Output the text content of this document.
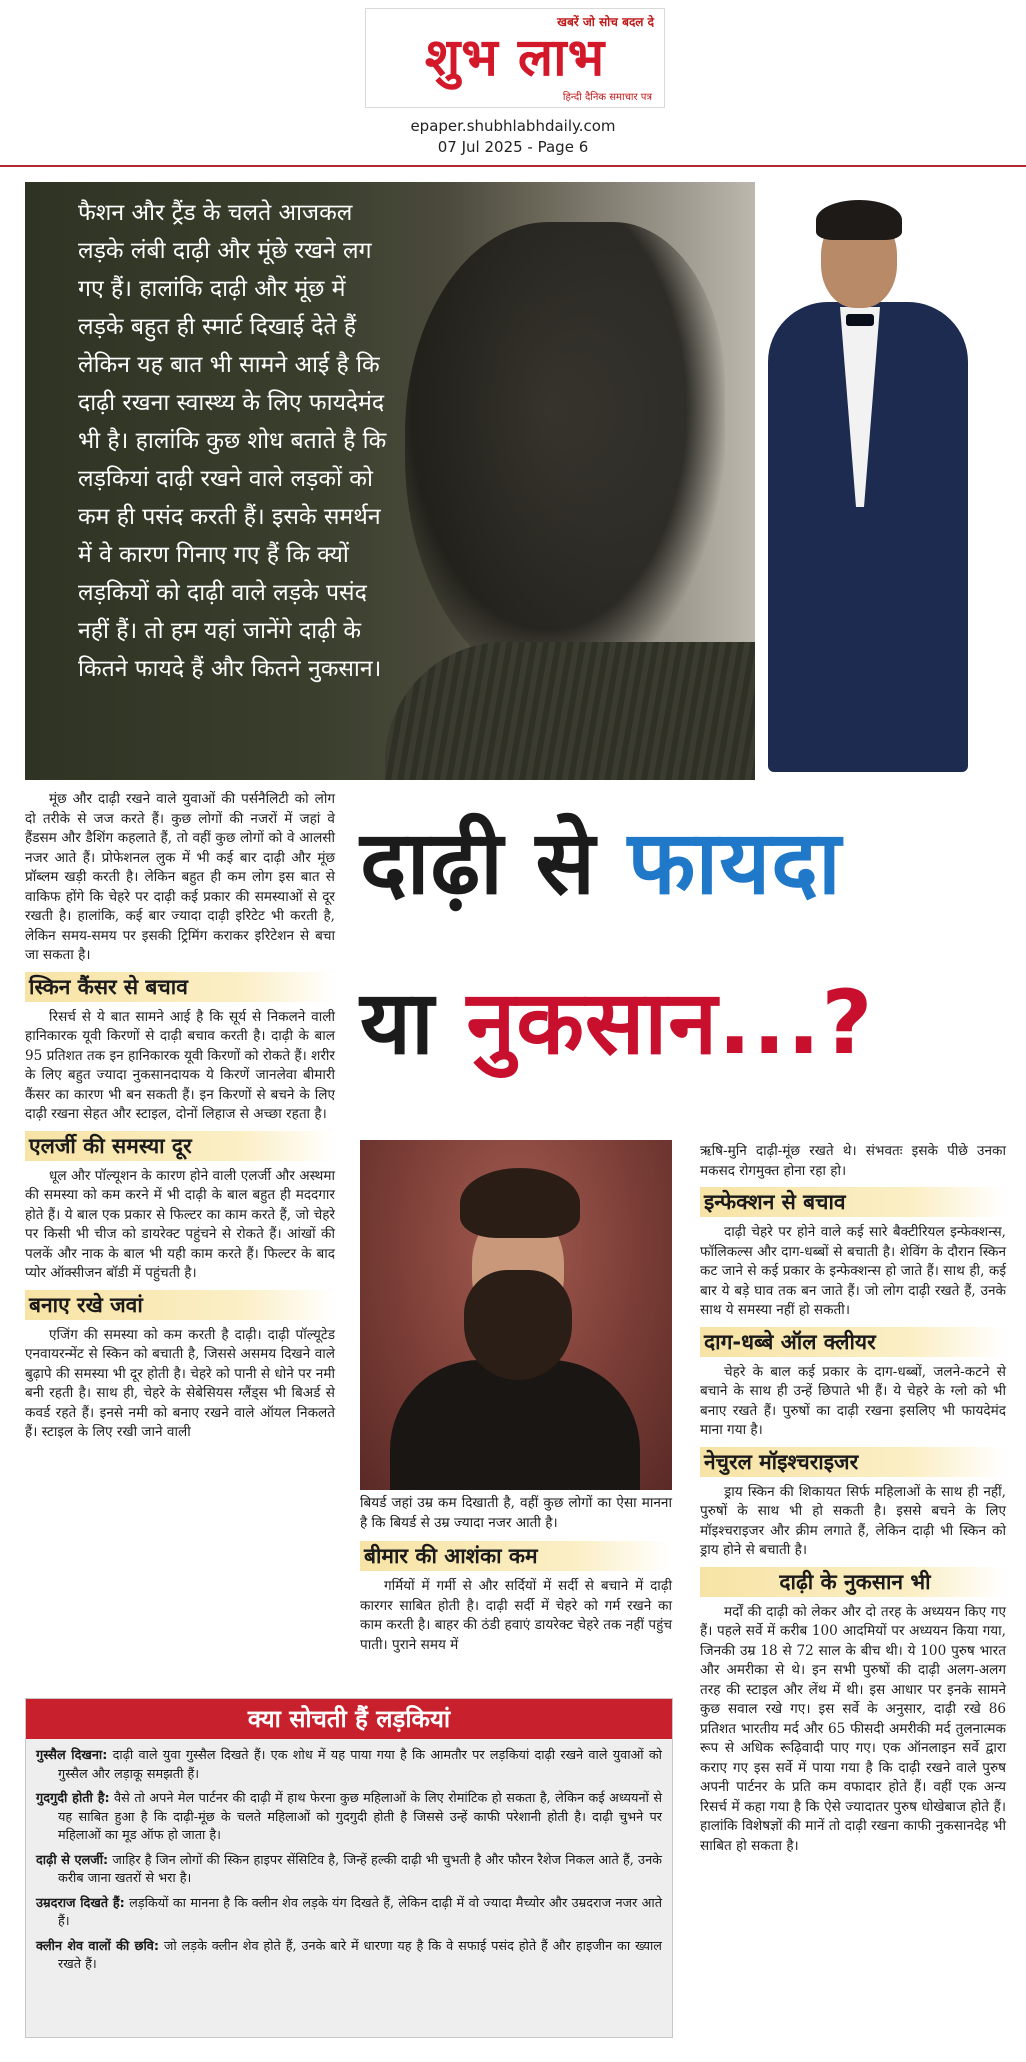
खबरें जो सोच बदल दे
शुभ लाभ
हिन्दी दैनिक समाचार पत्र
epaper.shubhlabhdaily.com
07 Jul 2025 - Page 6
फैशन और ट्रैंड के चलते आजकल लड़के लंबी दाढ़ी और मूंछे रखने लग गए हैं। हालांकि दाढ़ी और मूंछ में लड़के बहुत ही स्मार्ट दिखाई देते हैं लेकिन यह बात भी सामने आई है कि दाढ़ी रखना स्वास्थ्य के लिए फायदेमंद भी है। हालांकि कुछ शोध बताते है कि लड़कियां दाढ़ी रखने वाले लड़कों को कम ही पसंद करती हैं। इसके समर्थन में वे कारण गिनाए गए हैं कि क्यों लड़कियों को दाढ़ी वाले लड़के पसंद नहीं हैं। तो हम यहां जानेंगे दाढ़ी के कितने फायदे हैं और कितने नुकसान।
दाढ़ी से फायदा
या नुकसान...?

मूंछ और दाढ़ी रखने वाले युवाओं की पर्सनैलिटी को लोग दो तरीके से जज करते हैं। कुछ लोगों की नजरों में जहां वे हैंडसम और डैशिंग कहलाते हैं, तो वहीं कुछ लोगों को वे आलसी नजर आते हैं। प्रोफेशनल लुक में भी कई बार दाढ़ी और मूंछ प्रॉब्लम खड़ी करती है। लेकिन बहुत ही कम लोग इस बात से वाकिफ होंगे कि चेहरे पर दाढ़ी कई प्रकार की समस्याओं से दूर रखती है। हालांकि, कई बार ज्यादा दाढ़ी इरिटेट भी करती है, लेकिन समय-समय पर इसकी ट्रिमिंग कराकर इरिटेशन से बचा जा सकता है।

स्किन कैंसर से बचाव

रिसर्च से ये बात सामने आई है कि सूर्य से निकलने वाली हानिकारक यूवी किरणों से दाढ़ी बचाव करती है। दाढ़ी के बाल 95 प्रतिशत तक इन हानिकारक यूवी किरणों को रोकते हैं। शरीर के लिए बहुत ज्यादा नुकसानदायक ये किरणें जानलेवा बीमारी कैंसर का कारण भी बन सकती हैं। इन किरणों से बचने के लिए दाढ़ी रखना सेहत और स्टाइल, दोनों लिहाज से अच्छा रहता है।

एलर्जी की समस्या दूर

धूल और पॉल्यूशन के कारण होने वाली एलर्जी और अस्थमा की समस्या को कम करने में भी दाढ़ी के बाल बहुत ही मददगार होते हैं। ये बाल एक प्रकार से फिल्टर का काम करते हैं, जो चेहरे पर किसी भी चीज को डायरेक्ट पहुंचने से रोकते हैं। आंखों की पलकें और नाक के बाल भी यही काम करते हैं। फिल्टर के बाद प्योर ऑक्सीजन बॉडी में पहुंचती है।

बनाए रखे जवां

एजिंग की समस्या को कम करती है दाढ़ी। दाढ़ी पॉल्यूटेड एनवायरन्मेंट से स्किन को बचाती है, जिससे असमय दिखने वाले बुढ़ापे की समस्या भी दूर होती है। चेहरे को पानी से धोने पर नमी बनी रहती है। साथ ही, चेहरे के सेबेसियस ग्लैंड्स भी बिअर्ड से कवर्ड रहते हैं। इनसे नमी को बनाए रखने वाले ऑयल निकलते हैं। स्टाइल के लिए रखी जाने वाली

बियर्ड जहां उम्र कम दिखाती है, वहीं कुछ लोगों का ऐसा मानना है कि बियर्ड से उम्र ज्यादा नजर आती है।
बीमार की आशंका कम

गर्मियों में गर्मी से और सर्दियों में सर्दी से बचाने में दाढ़ी कारगर साबित होती है। दाढ़ी सर्दी में चेहरे को गर्म रखने का काम करती है। बाहर की ठंडी हवाएं डायरेक्ट चेहरे तक नहीं पहुंच पाती। पुराने समय में

ऋषि-मुनि दाढ़ी-मूंछ रखते थे। संभवतः इसके पीछे उनका मकसद रोगमुक्त होना रहा हो।

इन्फेक्शन से बचाव

दाढ़ी चेहरे पर होने वाले कई सारे बैक्टीरियल इन्फेक्शन्स, फॉलिकल्स और दाग-धब्बों से बचाती है। शेविंग के दौरान स्किन कट जाने से कई प्रकार के इन्फेक्शन्स हो जाते हैं। साथ ही, कई बार ये बड़े घाव तक बन जाते हैं। जो लोग दाढ़ी रखते हैं, उनके साथ ये समस्या नहीं हो सकती।

दाग-धब्बे ऑल क्लीयर

चेहरे के बाल कई प्रकार के दाग-धब्बों, जलने-कटने से बचाने के साथ ही उन्हें छिपाते भी हैं। ये चेहरे के ग्लो को भी बनाए रखते हैं। पुरुषों का दाढ़ी रखना इसलिए भी फायदेमंद माना गया है।

नेचुरल मॉइश्चराइजर

ड्राय स्किन की शिकायत सिर्फ महिलाओं के साथ ही नहीं, पुरुषों के साथ भी हो सकती है। इससे बचने के लिए मॉइश्चराइजर और क्रीम लगाते हैं, लेकिन दाढ़ी भी स्किन को ड्राय होने से बचाती है।

दाढ़ी के नुकसान भी

मर्दों की दाढ़ी को लेकर और दो तरह के अध्ययन किए गए हैं। पहले सर्वे में करीब 100 आदमियों पर अध्ययन किया गया, जिनकी उम्र 18 से 72 साल के बीच थी। ये 100 पुरुष भारत और अमरीका से थे। इन सभी पुरुषों की दाढ़ी अलग-अलग तरह की स्टाइल और लेंथ में थी। इस आधार पर इनके सामने कुछ सवाल रखे गए। इस सर्वे के अनुसार, दाढ़ी रखे 86 प्रतिशत भारतीय मर्द और 65 फीसदी अमरीकी मर्द तुलनात्मक रूप से अधिक रूढ़िवादी पाए गए। एक ऑनलाइन सर्वे द्वारा कराए गए इस सर्वे में पाया गया है कि दाढ़ी रखने वाले पुरुष अपनी पार्टनर के प्रति कम वफादार होते हैं। वहीं एक अन्य रिसर्च में कहा गया है कि ऐसे ज्यादातर पुरुष धोखेबाज होते हैं। हालांकि विशेषज्ञों की मानें तो दाढ़ी रखना काफी नुकसानदेह भी साबित हो सकता है।

क्या सोचती हैं लड़कियां
गुस्सैल दिखना: दाढ़ी वाले युवा गुस्सैल दिखते हैं। एक शोध में यह पाया गया है कि आमतौर पर लड़कियां दाढ़ी रखने वाले युवाओं को गुस्सैल और लड़ाकू समझती हैं।
गुदगुदी होती है: वैसे तो अपने मेल पार्टनर की दाढ़ी में हाथ फेरना कुछ महिलाओं के लिए रोमांटिक हो सकता है, लेकिन कई अध्ययनों से यह साबित हुआ है कि दाढ़ी-मूंछ के चलते महिलाओं को गुदगुदी होती है जिससे उन्हें काफी परेशानी होती है। दाढ़ी चुभने पर महिलाओं का मूड ऑफ हो जाता है।
दाढ़ी से एलर्जी: जाहिर है जिन लोगों की स्किन हाइपर सेंसिटिव है, जिन्हें हल्की दाढ़ी भी चुभती है और फौरन रैशेज निकल आते हैं, उनके करीब जाना खतरों से भरा है।
उम्रदराज दिखते हैं: लड़कियों का मानना है कि क्लीन शेव लड़के यंग दिखते हैं, लेकिन दाढ़ी में वो ज्यादा मैच्योर और उम्रदराज नजर आते हैं।
क्लीन शेव वालों की छवि: जो लड़के क्लीन शेव होते हैं, उनके बारे में धारणा यह है कि वे सफाई पसंद होते हैं और हाइजीन का ख्याल रखते हैं।
